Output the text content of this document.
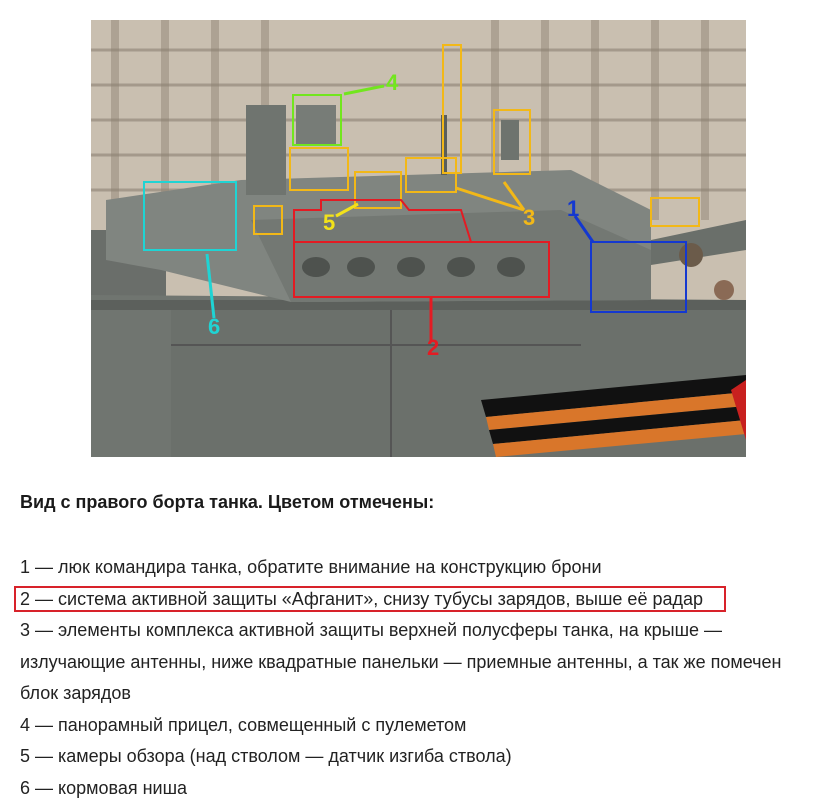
1
2
3
4
5
6
Вид с правого борта танка. Цветом отмечены:
1 — люк командира танка, обратите внимание на конструкцию брони
2 — система активной защиты «Афганит», снизу тубусы зарядов, выше её радар
3 — элементы комплекса активной защиты верхней полусферы танка, на крыше —
излучающие антенны, ниже квадратные панельки — приемные антенны, а так же помечен
блок зарядов
4 — панорамный прицел, совмещенный с пулеметом
5 — камеры обзора (над стволом — датчик изгиба ствола)
6 — кормовая ниша
